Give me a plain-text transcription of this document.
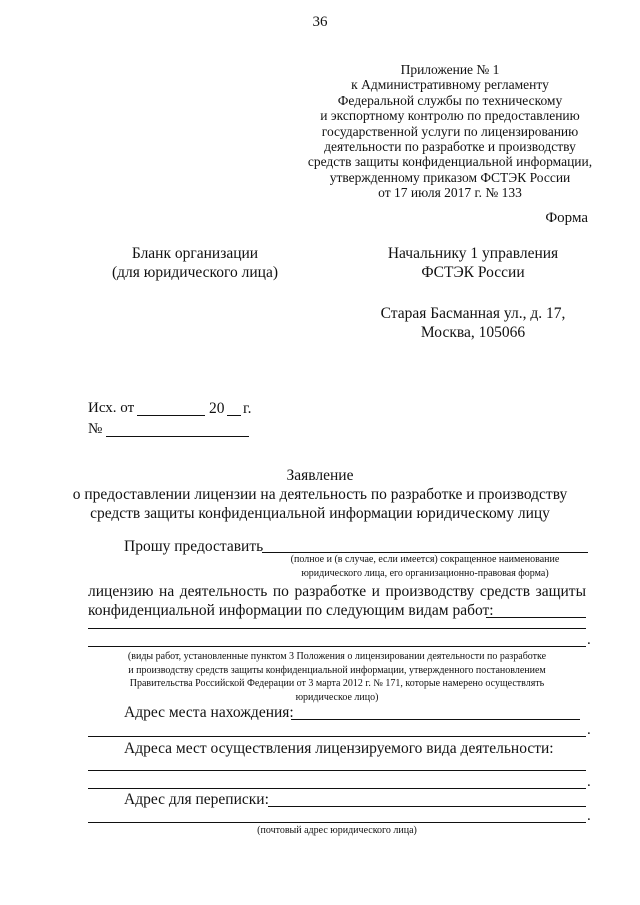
36
Приложение № 1
к Административному регламенту
Федеральной службы по техническому
и экспортному контролю по предоставлению
государственной услуги по лицензированию
деятельности по разработке и производству
средств защиты конфиденциальной информации,
утвержденному приказом ФСТЭК России
от 17 июля 2017 г. № 133
Форма
Бланк организации
(для юридического лица)
Начальнику 1 управления
ФСТЭК России
Старая Басманная ул., д. 17,
Москва, 105066
Исх. от	20 г.
№
Заявление
о предоставлении лицензии на деятельность по разработке и производству
средств защиты конфиденциальной информации юридическому лицу
Прошу предоставить
(полное и (в случае, если имеется) сокращенное наименование
юридического лица, его организационно-правовая форма)
лицензию на деятельность по разработке и производству средств защиты
конфиденциальной информации по следующим видам работ:
.
(виды работ, установленные пунктом 3 Положения о лицензировании деятельности по разработке
и производству средств защиты конфиденциальной информации, утвержденного постановлением
Правительства Российской Федерации от 3 марта 2012 г. № 171, которые намерено осуществлять
юридическое лицо)
Адрес места нахождения:
.
Адреса мест осуществления лицензируемого вида деятельности:
.
Адрес для переписки:
.
(почтовый адрес юридического лица)
